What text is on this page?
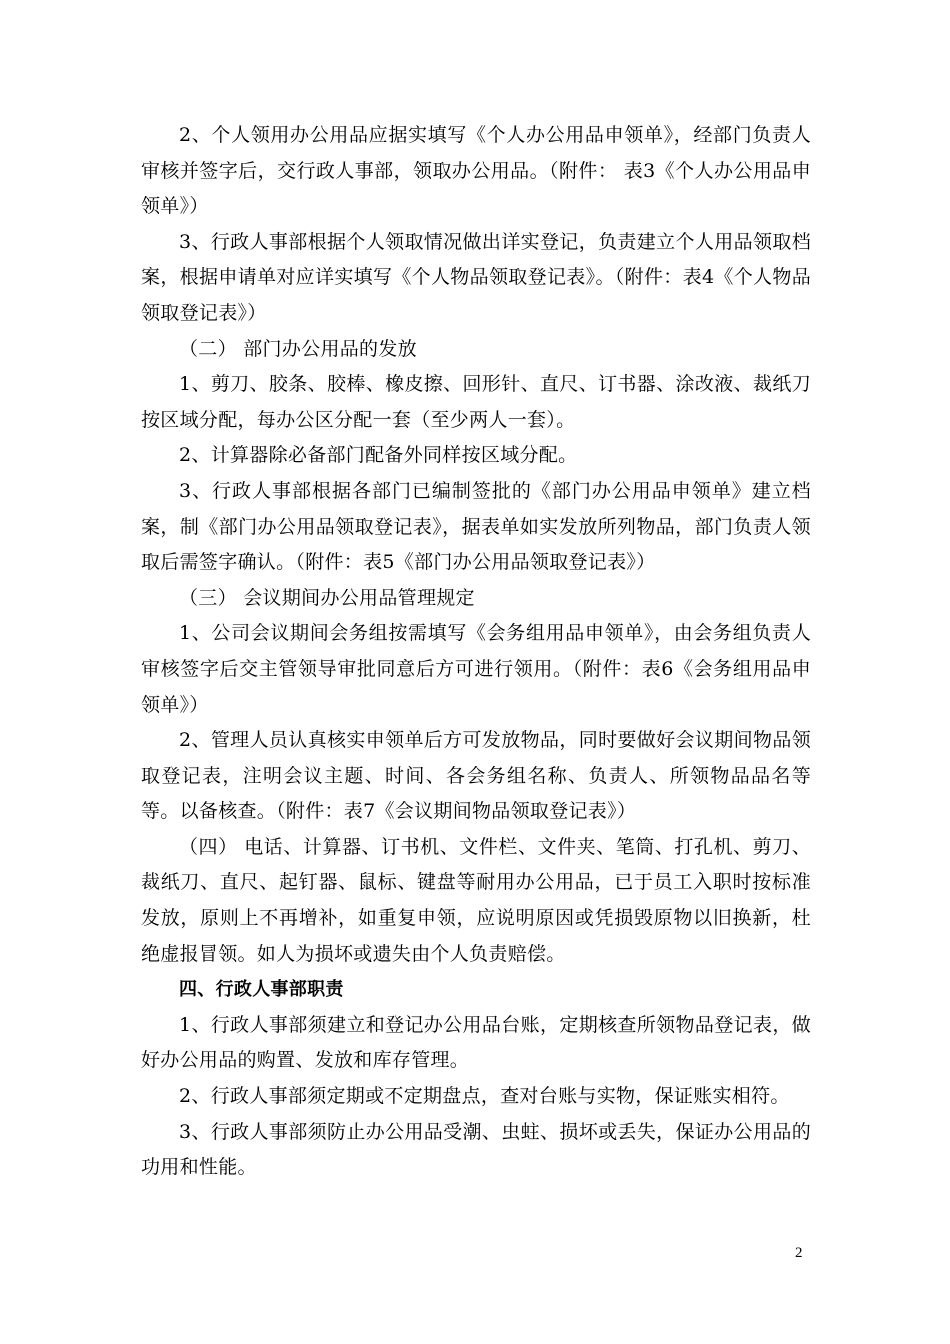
2、个人领用办公用品应据实填写《个人办公用品申领单》，经部门负责人审核并签字后，交行政人事部，领取办公用品。（附件： 表3《个人办公用品申领单》）

3、行政人事部根据个人领取情况做出详实登记，负责建立个人用品领取档案，根据申请单对应详实填写《个人物品领取登记表》。（附件：表4《个人物品领取登记表》）

（二） 部门办公用品的发放

1、剪刀、胶条、胶棒、橡皮擦、回形针、直尺、订书器、涂改液、裁纸刀按区域分配，每办公区分配一套（至少两人一套）。

2、计算器除必备部门配备外同样按区域分配。

3、行政人事部根据各部门已编制签批的《部门办公用品申领单》建立档案，制《部门办公用品领取登记表》，据表单如实发放所列物品，部门负责人领取后需签字确认。（附件：表5《部门办公用品领取登记表》）

（三） 会议期间办公用品管理规定

1、公司会议期间会务组按需填写《会务组用品申领单》，由会务组负责人审核签字后交主管领导审批同意后方可进行领用。（附件：表6《会务组用品申领单》）

2、管理人员认真核实申领单后方可发放物品，同时要做好会议期间物品领取登记表，注明会议主题、时间、各会务组名称、负责人、所领物品品名等等。以备核查。（附件：表7《会议期间物品领取登记表》）

（四） 电话、计算器、订书机、文件栏、文件夹、笔筒、打孔机、剪刀、裁纸刀、直尺、起钉器、鼠标、键盘等耐用办公用品，已于员工入职时按标准发放，原则上不再增补，如重复申领，应说明原因或凭损毁原物以旧换新，杜绝虚报冒领。如人为损坏或遗失由个人负责赔偿。

四、行政人事部职责

1、行政人事部须建立和登记办公用品台账，定期核查所领物品登记表，做好办公用品的购置、发放和库存管理。

2、行政人事部须定期或不定期盘点，查对台账与实物，保证账实相符。

3、行政人事部须防止办公用品受潮、虫蛀、损坏或丢失，保证办公用品的功用和性能。

2
